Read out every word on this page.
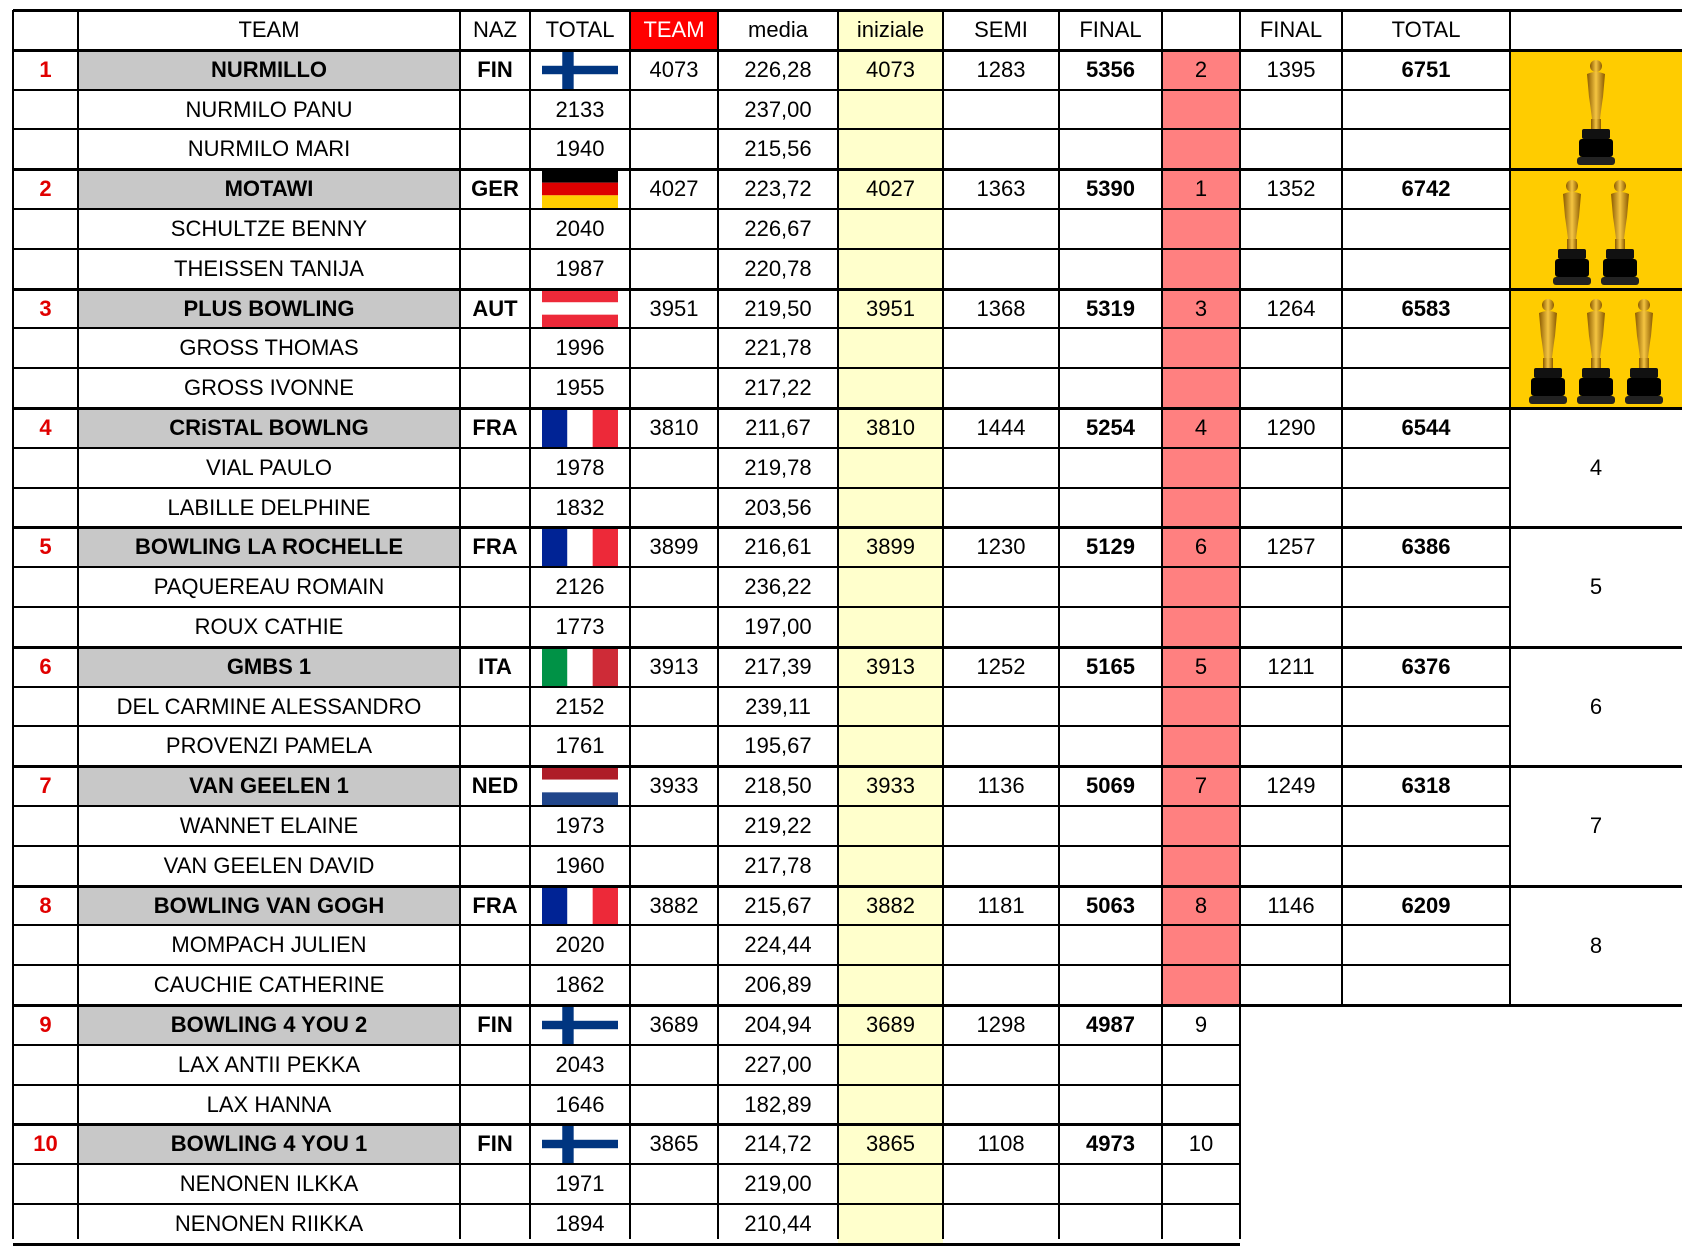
TEAM	NAZ	TOTAL	TEAM	media	iniziale	SEMI	FINAL	FINAL	TOTAL
1	NURMILLO	FIN	4073	226,28	4073	1283	5356	2	1395	6751
NURMILO PANU	2133	237,00
NURMILO MARI	1940	215,56
2	MOTAWI	GER	4027	223,72	4027	1363	5390	1	1352	6742
SCHULTZE BENNY	2040	226,67
THEISSEN TANIJA	1987	220,78
3	PLUS BOWLING	AUT	3951	219,50	3951	1368	5319	3	1264	6583
GROSS THOMAS	1996	221,78
GROSS IVONNE	1955	217,22
4	CRiSTAL BOWLNG	FRA	3810	211,67	3810	1444	5254	4	1290	6544
VIAL PAULO	1978	219,78
LABILLE DELPHINE	1832	203,56
4
5	BOWLING LA ROCHELLE	FRA	3899	216,61	3899	1230	5129	6	1257	6386
PAQUEREAU ROMAIN	2126	236,22
ROUX CATHIE	1773	197,00
5
6	GMBS 1	ITA	3913	217,39	3913	1252	5165	5	1211	6376
DEL CARMINE ALESSANDRO	2152	239,11
PROVENZI PAMELA	1761	195,67
6
7	VAN GEELEN 1	NED	3933	218,50	3933	1136	5069	7	1249	6318
WANNET ELAINE	1973	219,22
VAN GEELEN DAVID	1960	217,78
7
8	BOWLING VAN GOGH	FRA	3882	215,67	3882	1181	5063	8	1146	6209
MOMPACH JULIEN	2020	224,44
CAUCHIE CATHERINE	1862	206,89
8
9	BOWLING 4 YOU 2	FIN	3689	204,94	3689	1298	4987	9
LAX ANTII PEKKA	2043	227,00
LAX HANNA	1646	182,89
10	BOWLING 4 YOU 1	FIN	3865	214,72	3865	1108	4973	10
NENONEN ILKKA	1971	219,00
NENONEN RIIKKA	1894	210,44
